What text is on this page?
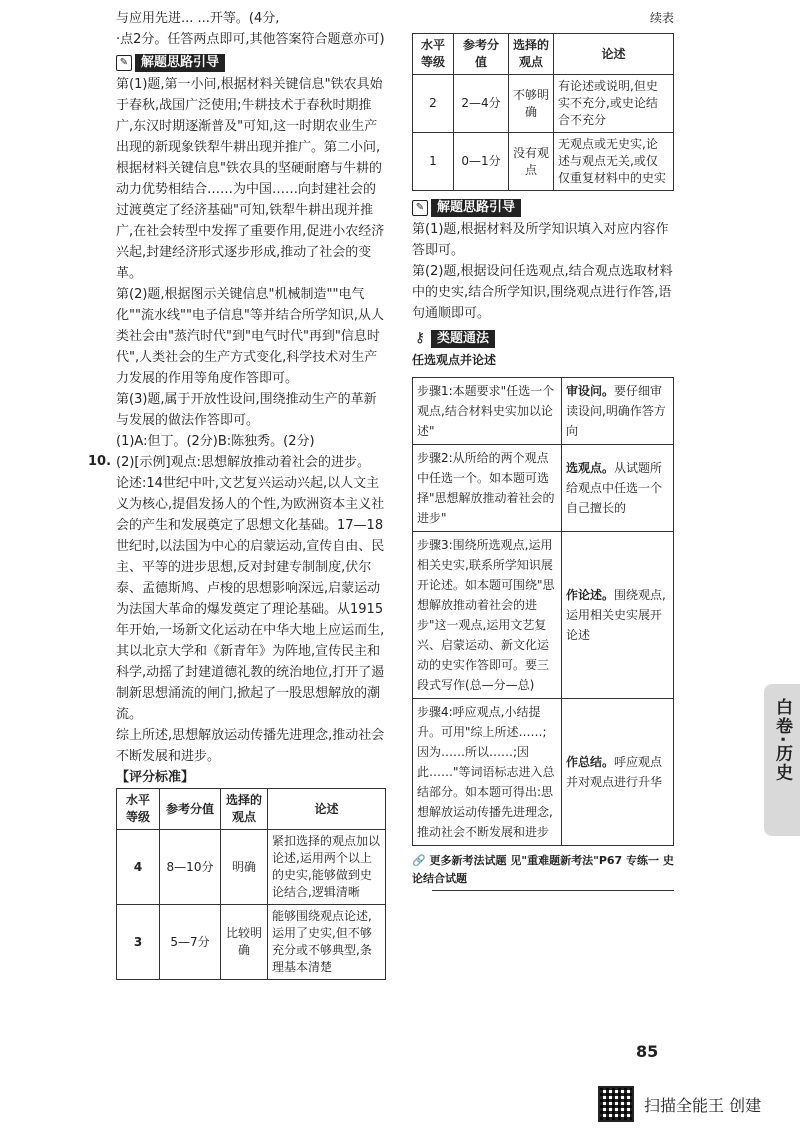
与应用先进... ...开等。(4分,

·点2分。任答两点即可,其他答案符合题意亦可)

✎ 解题思路引导

第(1)题,第一小问,根据材料关键信息"铁农具始于春秋,战国广泛使用;牛耕技术于春秋时期推广,东汉时期逐渐普及"可知,这一时期农业生产出现的新现象铁犁牛耕出现并推广。第二小问,根据材料关键信息"铁农具的坚硬耐磨与牛耕的动力优势相结合……为中国……向封建社会的过渡奠定了经济基础"可知,铁犁牛耕出现并推广,在社会转型中发挥了重要作用,促进小农经济兴起,封建经济形式逐步形成,推动了社会的变革。

第(2)题,根据图示关键信息"机械制造""电气化""流水线""电子信息"等并结合所学知识,从人类社会由"蒸汽时代"到"电气时代"再到"信息时代",人类社会的生产方式变化,科学技术对生产力发展的作用等角度作答即可。

第(3)题,属于开放性设问,围绕推动生产的革新与发展的做法作答即可。

(1)A:但丁。(2分)B:陈独秀。(2分)

(2)[示例]观点:思想解放推动着社会的进步。

论述:14世纪中叶,文艺复兴运动兴起,以人文主义为核心,提倡发扬人的个性,为欧洲资本主义社会的产生和发展奠定了思想文化基础。17—18世纪时,以法国为中心的启蒙运动,宣传自由、民主、平等的进步思想,反对封建专制制度,伏尔泰、孟德斯鸠、卢梭的思想影响深远,启蒙运动为法国大革命的爆发奠定了理论基础。从1915年开始,一场新文化运动在中华大地上应运而生,其以北京大学和《新青年》为阵地,宣传民主和科学,动摇了封建道德礼教的统治地位,打开了遏制新思想涌流的闸门,掀起了一股思想解放的潮流。

综上所述,思想解放运动传播先进理念,推动社会不断发展和进步。

【评分标准】

水平等级	参考分值	选择的观点	论述
4	8—10分	明确	紧扣选择的观点加以论述,运用两个以上的史实,能够做到史论结合,逻辑清晰
3	5—7分	比较明确	能够围绕观点论述,运用了史实,但不够充分或不够典型,条理基本清楚
10.

续表

水平等级	参考分值	选择的观点	论述
2	2—4分	不够明确	有论述或说明,但史实不充分,或史论结合不充分
1	0—1分	没有观点	无观点或无史实,论述与观点无关,或仅仅重复材料中的史实
✎ 解题思路引导

第(1)题,根据材料及所学知识填入对应内容作答即可。

第(2)题,根据设问任选观点,结合观点选取材料中的史实,结合所学知识,围绕观点进行作答,语句通顺即可。

⚷ 类题通法

任选观点并论述

步骤1:本题要求"任选一个观点,结合材料史实加以论述"	审设问。要仔细审读设问,明确作答方向
步骤2:从所给的两个观点中任选一个。如本题可选择"思想解放推动着社会的进步"	选观点。从试题所给观点中任选一个自己擅长的
步骤3:围绕所选观点,运用相关史实,联系所学知识展开论述。如本题可围绕"思想解放推动着社会的进步"这一观点,运用文艺复兴、启蒙运动、新文化运动的史实作答即可。要三段式写作(总—分—总)	作论述。围绕观点,运用相关史实展开论述
步骤4:呼应观点,小结提升。可用"综上所述……;因为……所以……;因此……"等词语标志进入总结部分。如本题可得出:思想解放运动传播先进理念,推动社会不断发展和进步	作总结。呼应观点并对观点进行升华

🔗 更多新考法试题 见"重难题新考法"P67 专练一 史论结合试题

白卷·历史
85
扫描全能王 创建
